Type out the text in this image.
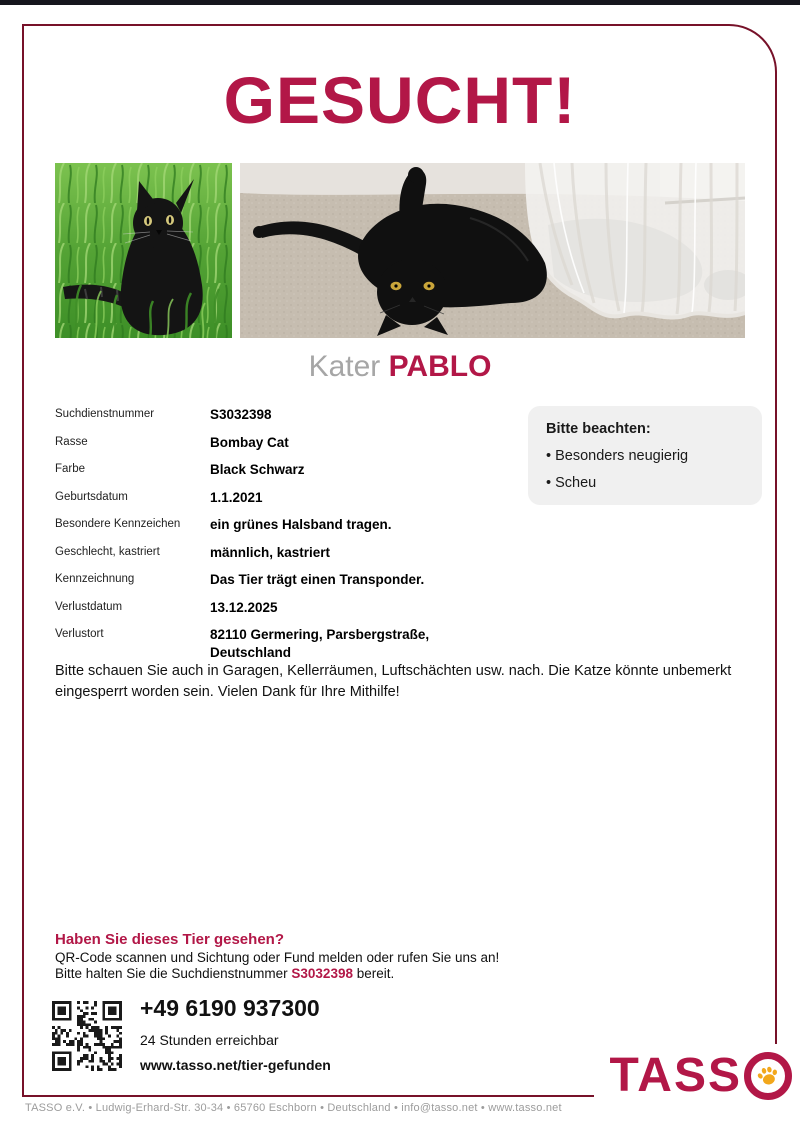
GESUCHT!
Kater PABLO
Suchdienstnummer	S3032398
Rasse	Bombay Cat
Farbe	Black Schwarz
Geburtsdatum	1.1.2021
Besondere Kennzeichen	ein grünes Halsband tragen.
Geschlecht, kastriert	männlich, kastriert
Kennzeichnung	Das Tier trägt einen Transponder.
Verlustdatum	13.12.2025
Verlustort	82110 Germering, Parsbergstraße, Deutschland
Bitte beachten:
• Besonders neugierig
• Scheu
Bitte schauen Sie auch in Garagen, Kellerräumen, Luftschächten usw. nach. Die Katze könnte unbemerkt eingesperrt worden sein. Vielen Dank für Ihre Mithilfe!
Haben Sie dieses Tier gesehen?
QR-Code scannen und Sichtung oder Fund melden oder rufen Sie uns an!
Bitte halten Sie die Suchdienstnummer S3032398 bereit.
+49 6190 937300
24 Stunden erreichbar
www.tasso.net/tier-gefunden	TASS
TASSO e.V. • Ludwig-Erhard-Str. 30-34 • 65760 Eschborn • Deutschland • info@tasso.net • www.tasso.net
